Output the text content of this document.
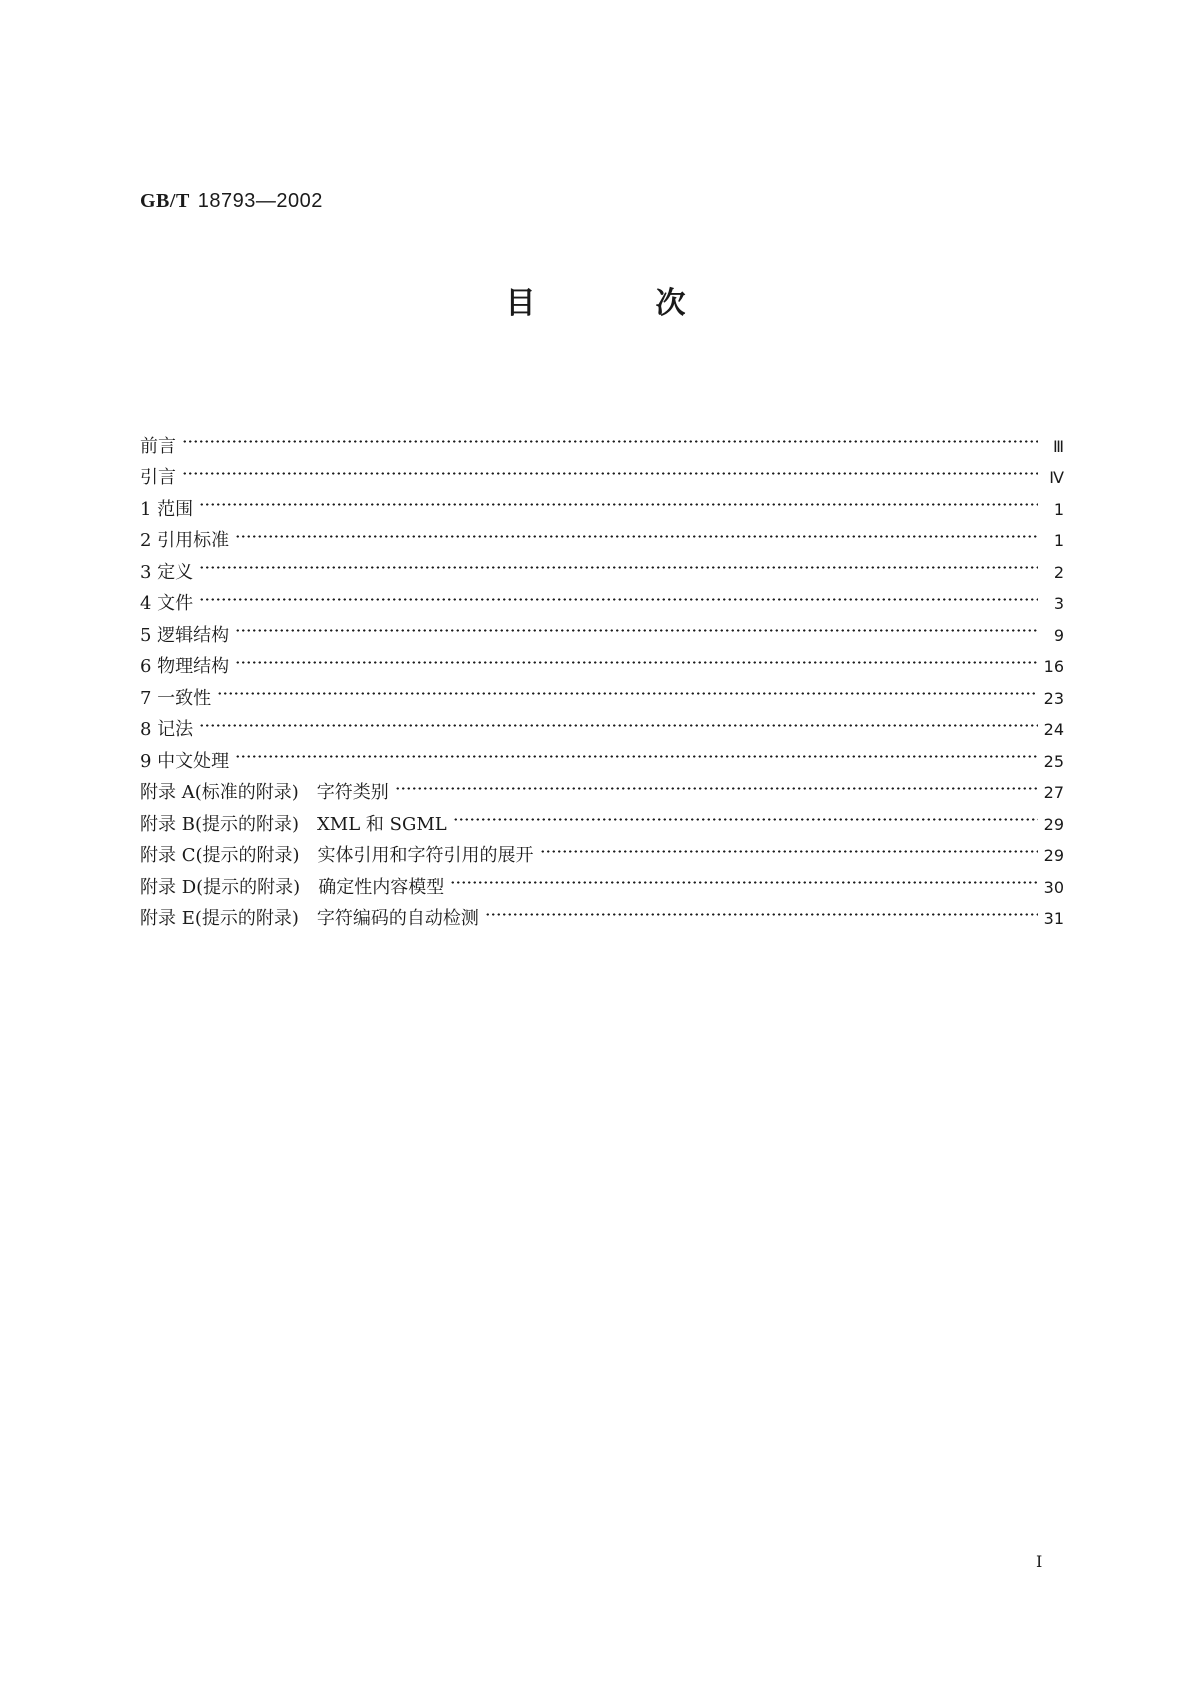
GB/T 18793—2002
目	次
前言	Ⅲ
引言	Ⅳ
1 范围	1
2 引用标准	1
3 定义	2
4 文件	3
5 逻辑结构	9
6 物理结构	16
7 一致性	23
8 记法	24
9 中文处理	25
附录 A(标准的附录)　字符类别	27
附录 B(提示的附录)　XML 和 SGML	29
附录 C(提示的附录)　实体引用和字符引用的展开	29
附录 D(提示的附录)　确定性内容模型	30
附录 E(提示的附录)　字符编码的自动检测	31
I
